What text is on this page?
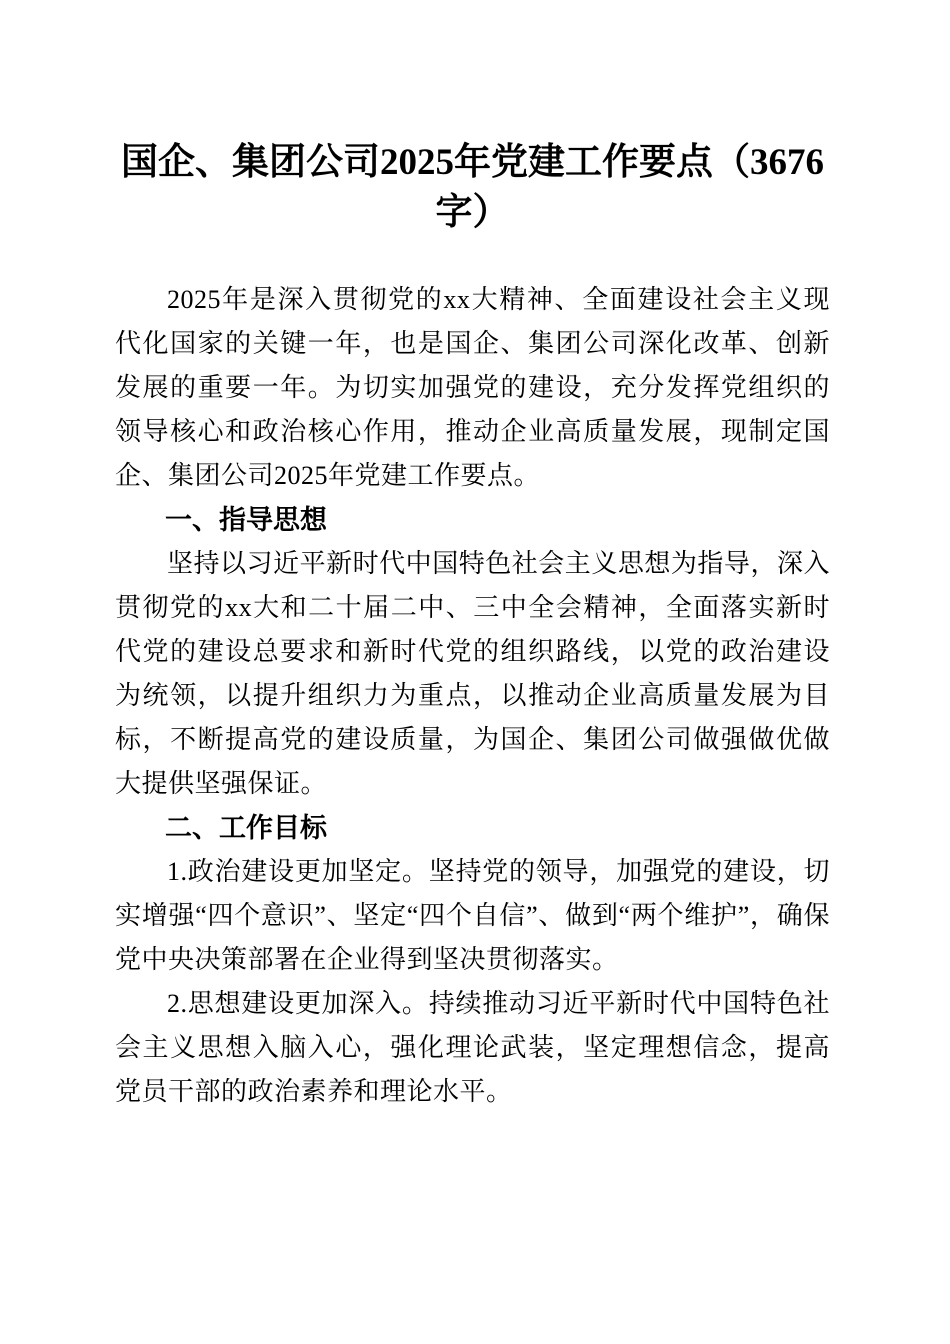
国企、集团公司2025年党建工作要点（3676字）

2025年是深入贯彻党的xx大精神、全面建设社会主义现代化国家的关键一年，也是国企、集团公司深化改革、创新发展的重要一年。为切实加强党的建设，充分发挥党组织的领导核心和政治核心作用，推动企业高质量发展，现制定国企、集团公司2025年党建工作要点。

一、指导思想

坚持以习近平新时代中国特色社会主义思想为指导，深入贯彻党的xx大和二十届二中、三中全会精神，全面落实新时代党的建设总要求和新时代党的组织路线，以党的政治建设为统领，以提升组织力为重点，以推动企业高质量发展为目标，不断提高党的建设质量，为国企、集团公司做强做优做大提供坚强保证。

二、工作目标

1.政治建设更加坚定。坚持党的领导，加强党的建设，切实增强“四个意识”、坚定“四个自信”、做到“两个维护”，确保党中央决策部署在企业得到坚决贯彻落实。

2.思想建设更加深入。持续推动习近平新时代中国特色社会主义思想入脑入心，强化理论武装，坚定理想信念，提高党员干部的政治素养和理论水平。
